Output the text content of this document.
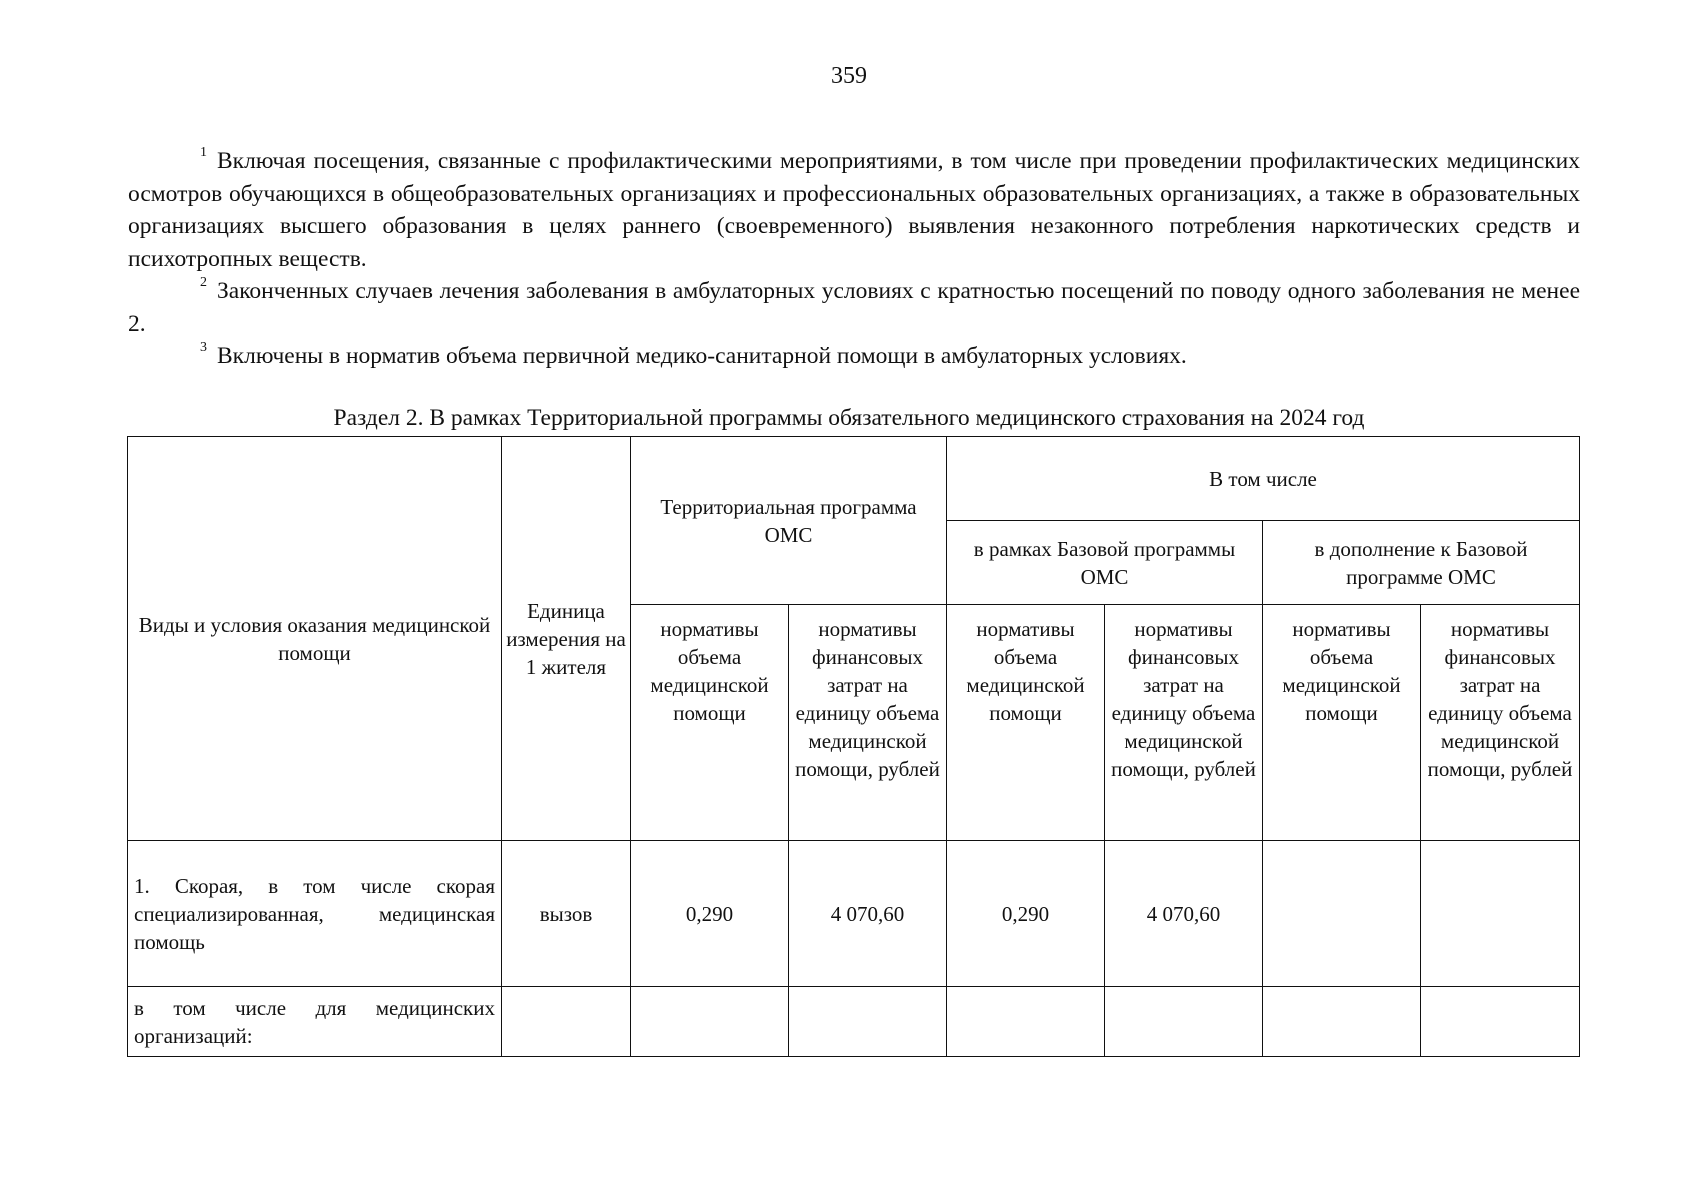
359

$^1$ Включая посещения, связанные с профилактическими мероприятиями, в том числе при проведении профилактических медицинских осмотров обучающихся в общеобразовательных организациях и профессиональных образовательных организациях, а также в образовательных организациях высшего образования в целях раннего (своевременного) выявления незаконного потребления наркотических средств и психотропных веществ.

$^2$ Законченных случаев лечения заболевания в амбулаторных условиях с кратностью посещений по поводу одного заболевания не менее 2.

$^3$ Включены в норматив объема первичной медико-санитарной помощи в амбулаторных условиях.

Раздел 2. В рамках Территориальной программы обязательного медицинского страхования на 2024 год
Виды и условия оказания медицинской помощи	Единица измерения на 1 жителя	Территориальная программа ОМС		В том числе			
				в рамках Базовой программы ОМС		в дополнение к Базовой программе ОМС	
		нормативы объема медицинской помощи	нормативы финансовых затрат на единицу объема медицинской помощи, рублей	нормативы объема медицинской помощи	нормативы финансовых затрат на единицу объема медицинской помощи, рублей	нормативы объема медицинской помощи	нормативы финансовых затрат на единицу объема медицинской помощи, рублей
1. Скорая, в том числе скорая специализированная, медицинская помощь	вызов	0,290	4 070,60	0,290	4 070,60		
в том числе для медицинских организаций:							
